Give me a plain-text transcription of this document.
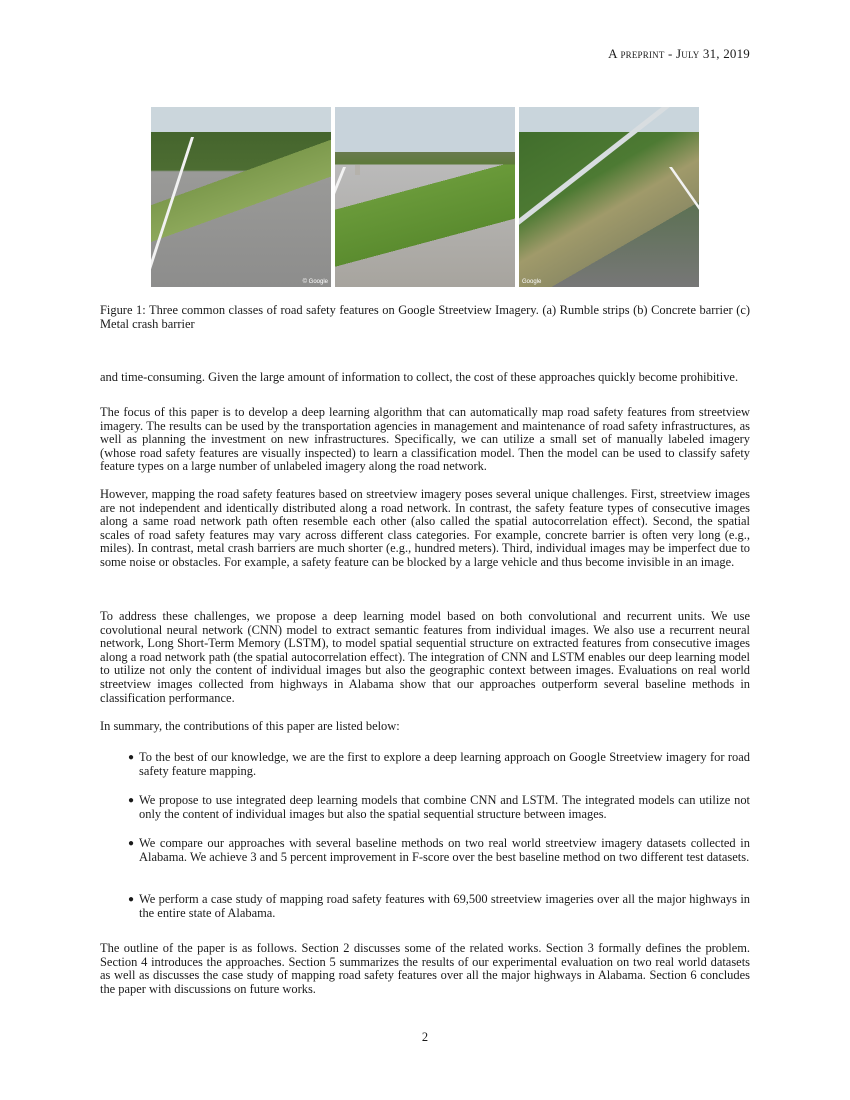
A preprint - July 31, 2019
© Google	Google
Figure 1: Three common classes of road safety features on Google Streetview Imagery. (a) Rumble strips (b) Concrete barrier (c) Metal crash barrier
and time-consuming. Given the large amount of information to collect, the cost of these approaches quickly become prohibitive.
The focus of this paper is to develop a deep learning algorithm that can automatically map road safety features from streetview imagery. The results can be used by the transportation agencies in management and maintenance of road safety infrastructures, as well as planning the investment on new infrastructures. Specifically, we can utilize a small set of manually labeled imagery (whose road safety features are visually inspected) to learn a classification model. Then the model can be used to classify safety feature types on a large number of unlabeled imagery along the road network.
However, mapping the road safety features based on streetview imagery poses several unique challenges. First, streetview images are not independent and identically distributed along a road network. In contrast, the safety feature types of consecutive images along a same road network path often resemble each other (also called the spatial autocorrelation effect). Second, the spatial scales of road safety features may vary across different class categories. For example, concrete barrier is often very long (e.g., miles). In contrast, metal crash barriers are much shorter (e.g., hundred meters). Third, individual images may be imperfect due to some noise or obstacles. For example, a safety feature can be blocked by a large vehicle and thus become invisible in an image.
To address these challenges, we propose a deep learning model based on both convolutional and recurrent units. We use covolutional neural network (CNN) model to extract semantic features from individual images. We also use a recurrent neural network, Long Short-Term Memory (LSTM), to model spatial sequential structure on extracted features from consecutive images along a road network path (the spatial autocorrelation effect). The integration of CNN and LSTM enables our deep learning model to utilize not only the content of individual images but also the geographic context between images. Evaluations on real world streetview images collected from highways in Alabama show that our approaches outperform several baseline methods in classification performance.
In summary, the contributions of this paper are listed below:
● To the best of our knowledge, we are the first to explore a deep learning approach on Google Streetview imagery for road safety feature mapping.
● We propose to use integrated deep learning models that combine CNN and LSTM. The integrated models can utilize not only the content of individual images but also the spatial sequential structure between images.
● We compare our approaches with several baseline methods on two real world streetview imagery datasets collected in Alabama. We achieve 3 and 5 percent improvement in F-score over the best baseline method on two different test datasets.
● We perform a case study of mapping road safety features with 69,500 streetview imageries over all the major highways in the entire state of Alabama.
The outline of the paper is as follows. Section 2 discusses some of the related works. Section 3 formally defines the problem. Section 4 introduces the approaches. Section 5 summarizes the results of our experimental evaluation on two real world datasets as well as discusses the case study of mapping road safety features over all the major highways in Alabama. Section 6 concludes the paper with discussions on future works.
2
